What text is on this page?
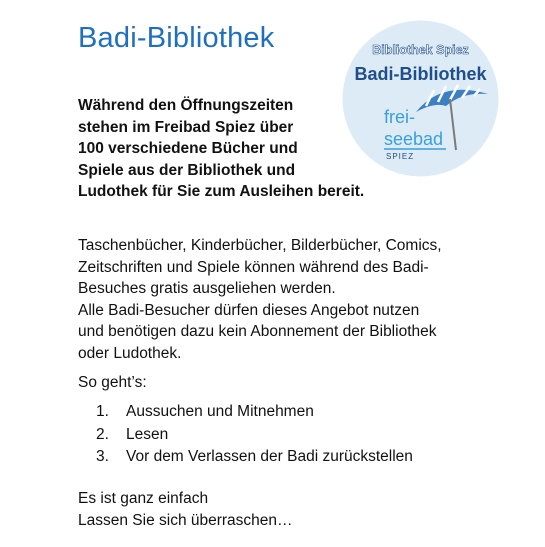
Badi-Bibliothek	Bibliothek Spiez
Badi-Bibliothek
frei-
seebad
SPIEZ
Während den Öffnungszeiten
stehen im Freibad Spiez über
100 verschiedene Bücher und
Spiele aus der Bibliothek und
Ludothek für Sie zum Ausleihen bereit.
Taschenbücher, Kinderbücher, Bilderbücher, Comics,
Zeitschriften und Spiele können während des Badi-
Besuches gratis ausgeliehen werden.
Alle Badi-Besucher dürfen dieses Angebot nutzen
und benötigen dazu kein Abonnement der Bibliothek
oder Ludothek.
So geht’s:
1.	Aussuchen und Mitnehmen
2.	Lesen
3.	Vor dem Verlassen der Badi zurückstellen
Es ist ganz einfach
Lassen Sie sich überraschen…
